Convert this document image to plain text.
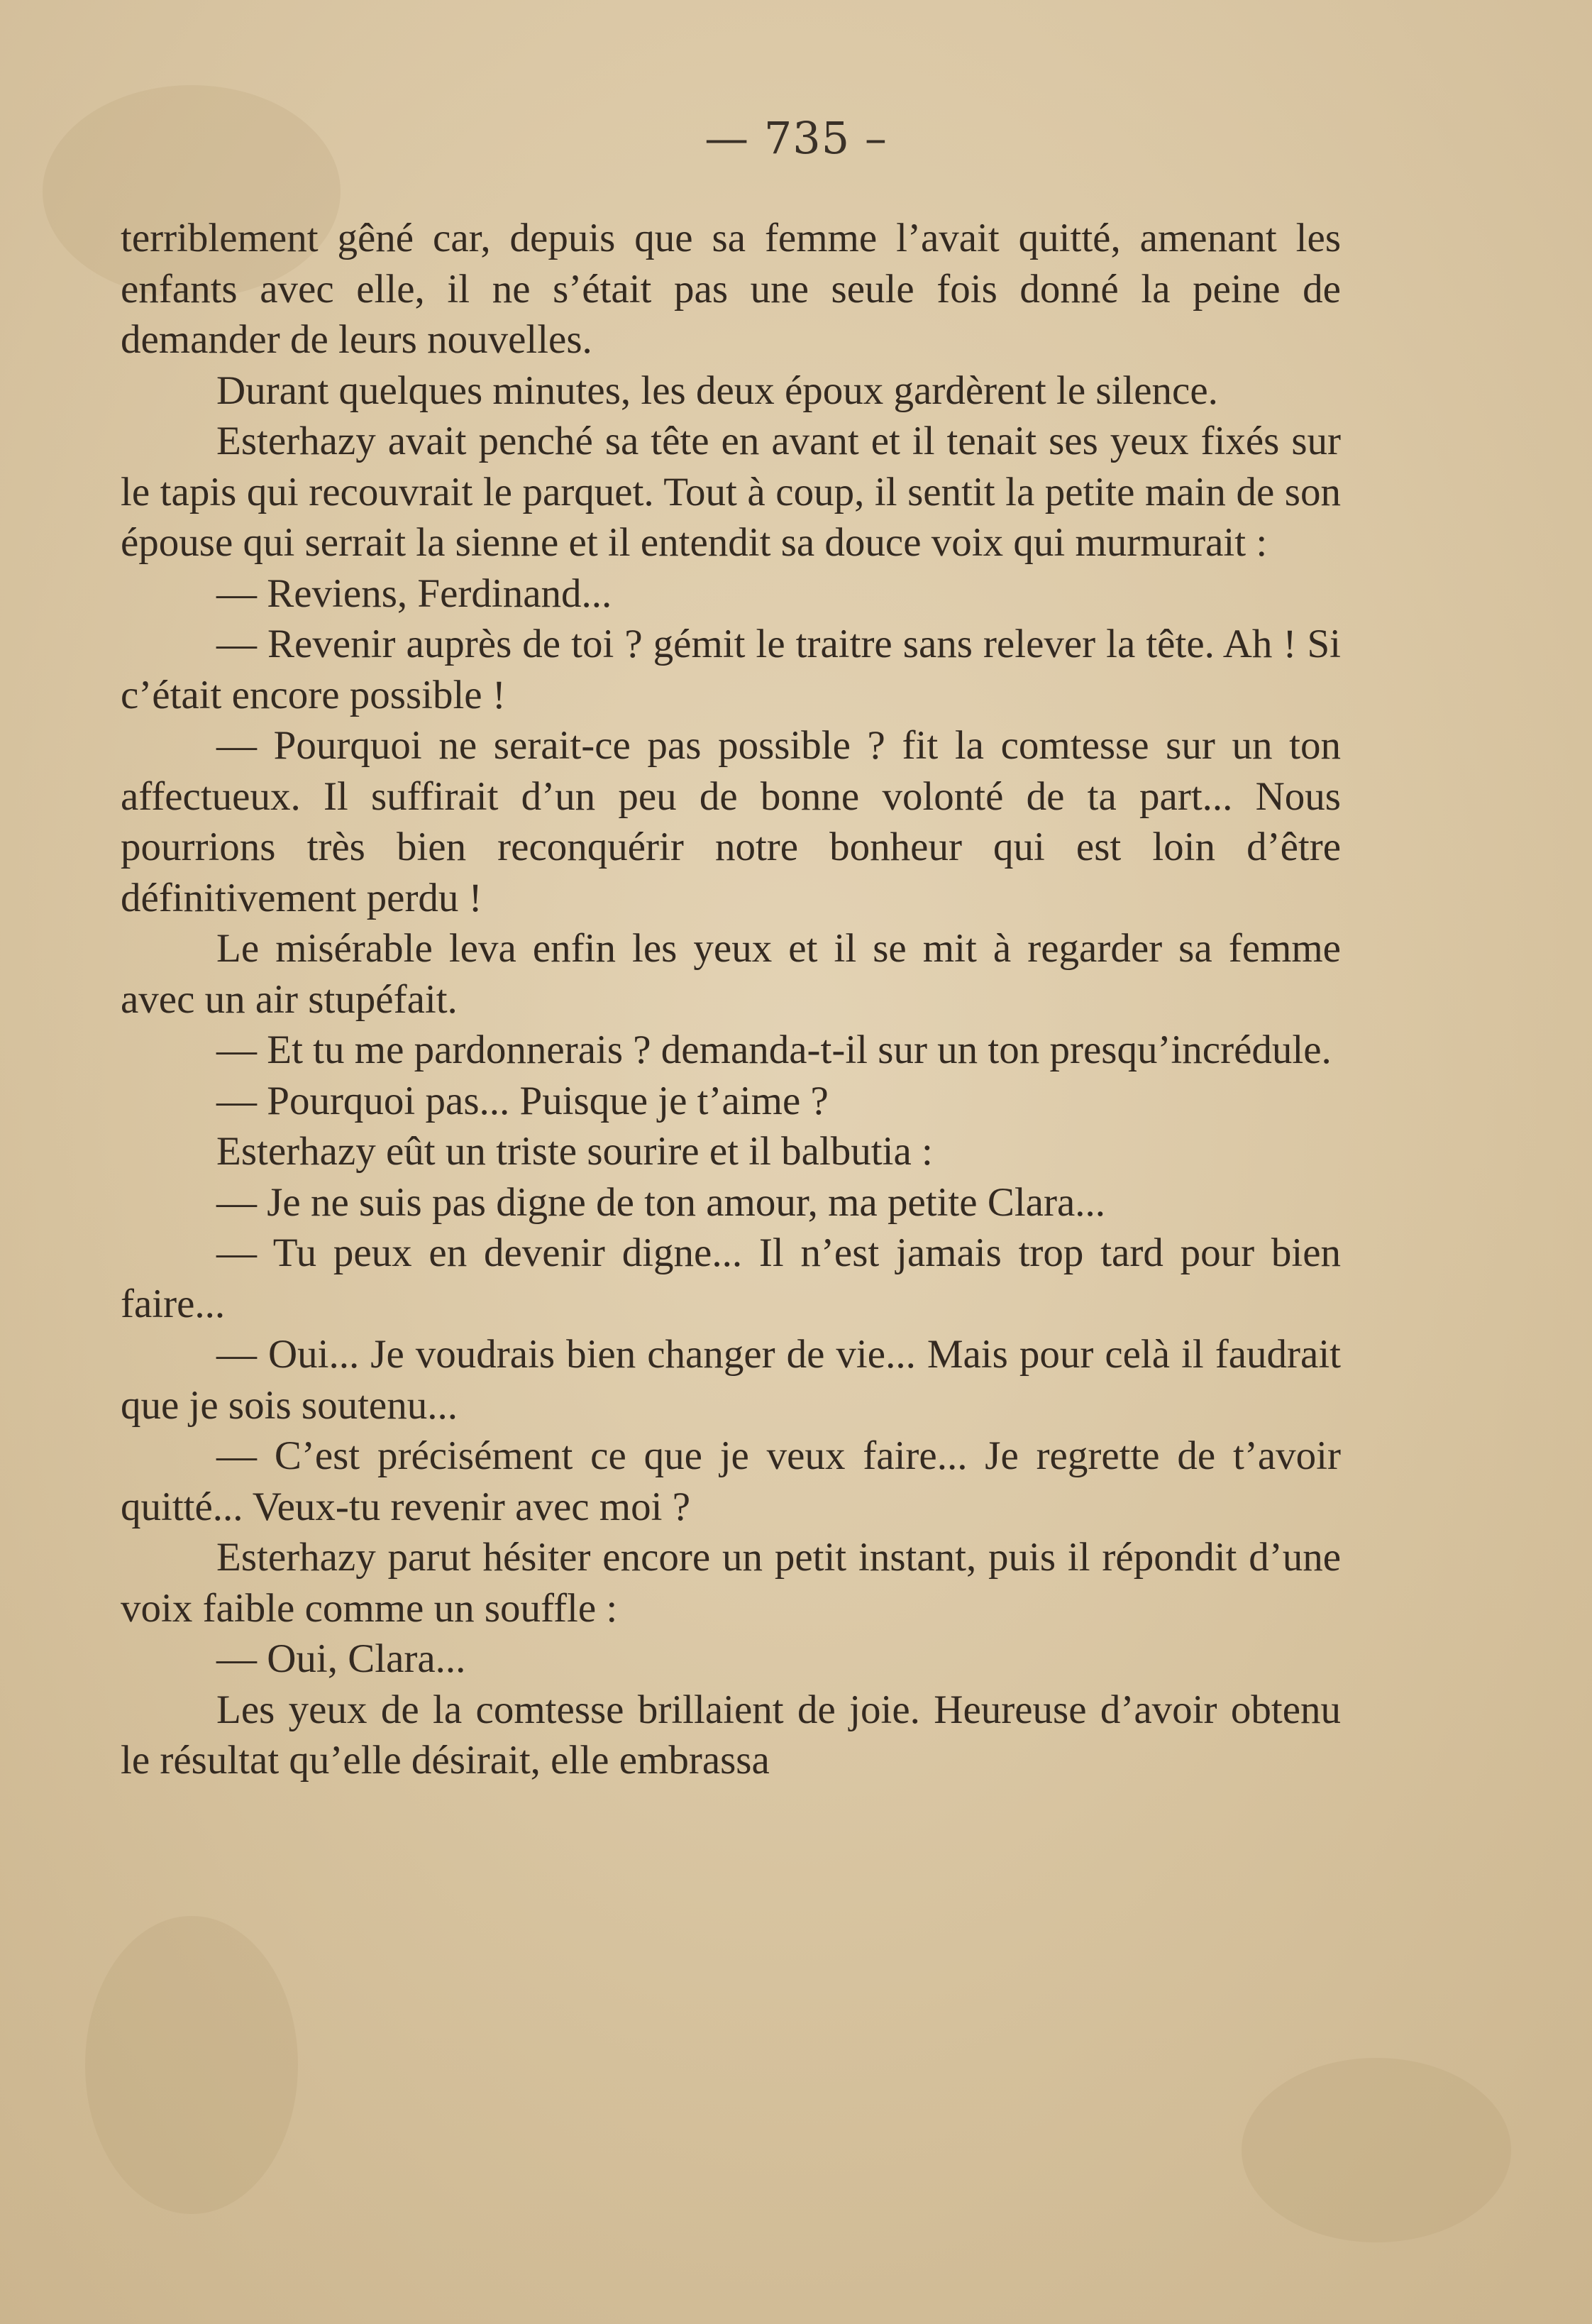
— 735 –

terriblement gêné car, depuis que sa femme l’avait quitté, amenant les enfants avec elle, il ne s’était pas une seule fois donné la peine de demander de leurs nouvelles.

Durant quelques minutes, les deux époux gardèrent le silence.

Esterhazy avait penché sa tête en avant et il tenait ses yeux fixés sur le tapis qui recouvrait le parquet. Tout à coup, il sentit la petite main de son épouse qui serrait la sienne et il entendit sa douce voix qui murmurait :

— Reviens, Ferdinand...

— Revenir auprès de toi ? gémit le traitre sans relever la tête. Ah ! Si c’était encore possible !

— Pourquoi ne serait-ce pas possible ? fit la comtesse sur un ton affectueux. Il suffirait d’un peu de bonne volonté de ta part... Nous pourrions très bien reconquérir notre bonheur qui est loin d’être définitivement perdu !

Le misérable leva enfin les yeux et il se mit à regarder sa femme avec un air stupéfait.

— Et tu me pardonnerais ? demanda-t-il sur un ton presqu’incrédule.

— Pourquoi pas... Puisque je t’aime ?

Esterhazy eût un triste sourire et il balbutia :

— Je ne suis pas digne de ton amour, ma petite Clara...

— Tu peux en devenir digne... Il n’est jamais trop tard pour bien faire...

— Oui... Je voudrais bien changer de vie... Mais pour celà il faudrait que je sois soutenu...

— C’est précisément ce que je veux faire... Je regrette de t’avoir quitté... Veux-tu revenir avec moi ?

Esterhazy parut hésiter encore un petit instant, puis il répondit d’une voix faible comme un souffle :

— Oui, Clara...

Les yeux de la comtesse brillaient de joie. Heureuse d’avoir obtenu le résultat qu’elle désirait, elle embrassa
